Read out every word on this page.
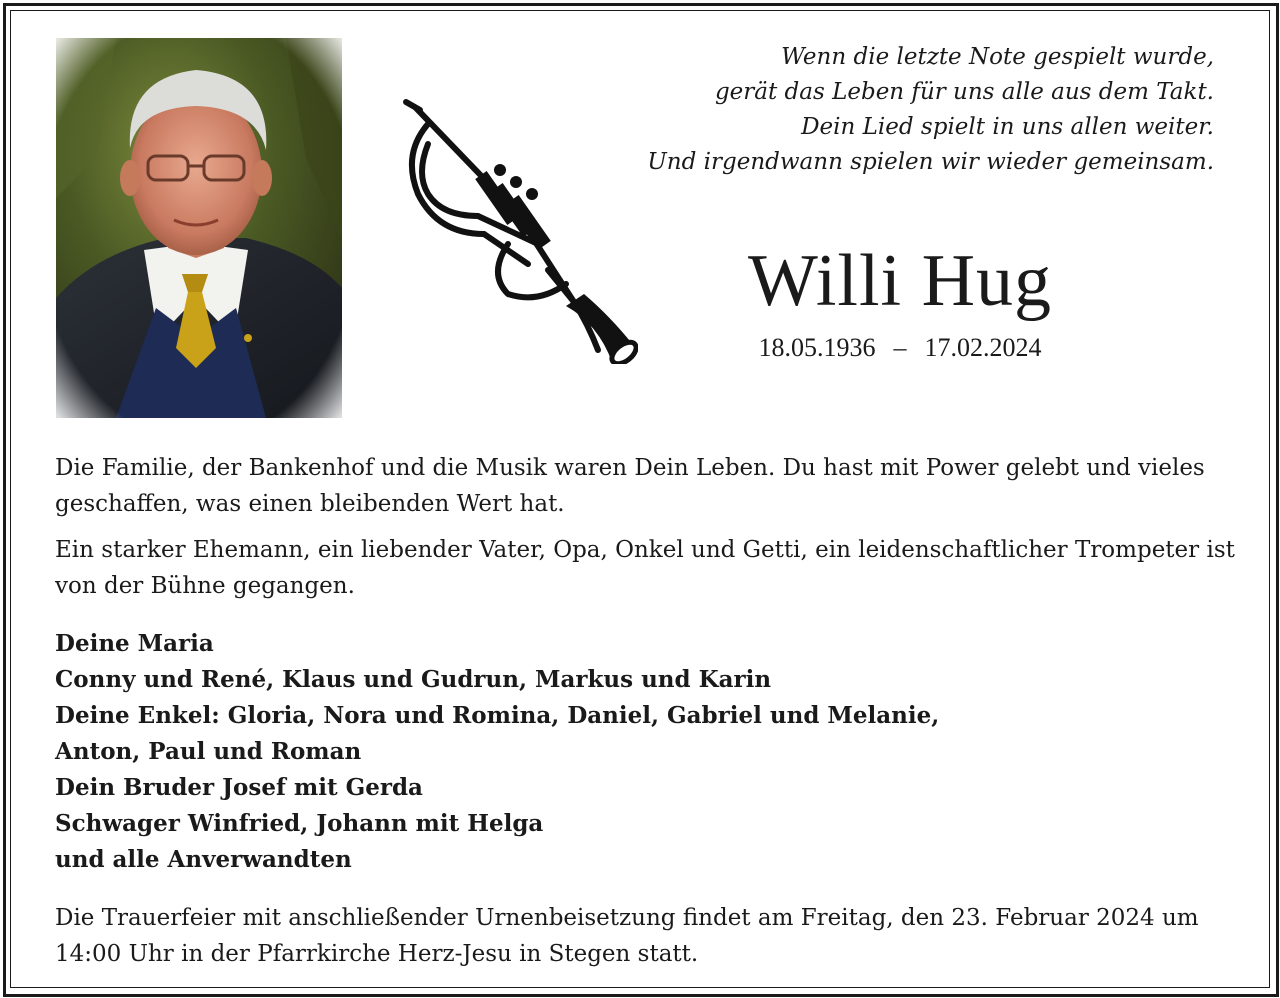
Wenn die letzte Note gespielt wurde,
gerät das Leben für uns alle aus dem Takt.
Dein Lied spielt in uns allen weiter.
Und irgendwann spielen wir wieder gemeinsam.
Willi Hug
18.05.1936 – 17.02.2024

Die Familie, der Bankenhof und die Musik waren Dein Leben. Du hast mit Power gelebt und vieles geschaffen, was einen bleibenden Wert hat.

Ein starker Ehemann, ein liebender Vater, Opa, Onkel und Getti, ein leidenschaftlicher Trompeter ist von der Bühne gegangen.

Deine Maria
Conny und René, Klaus und Gudrun, Markus und Karin
Deine Enkel: Gloria, Nora und Romina, Daniel, Gabriel und Melanie,
Anton, Paul und Roman
Dein Bruder Josef mit Gerda
Schwager Winfried, Johann mit Helga
und alle Anverwandten
Die Trauerfeier mit anschließender Urnenbeisetzung findet am Freitag, den 23. Februar 2024 um 14:00 Uhr in der Pfarrkirche Herz-Jesu in Stegen statt.
